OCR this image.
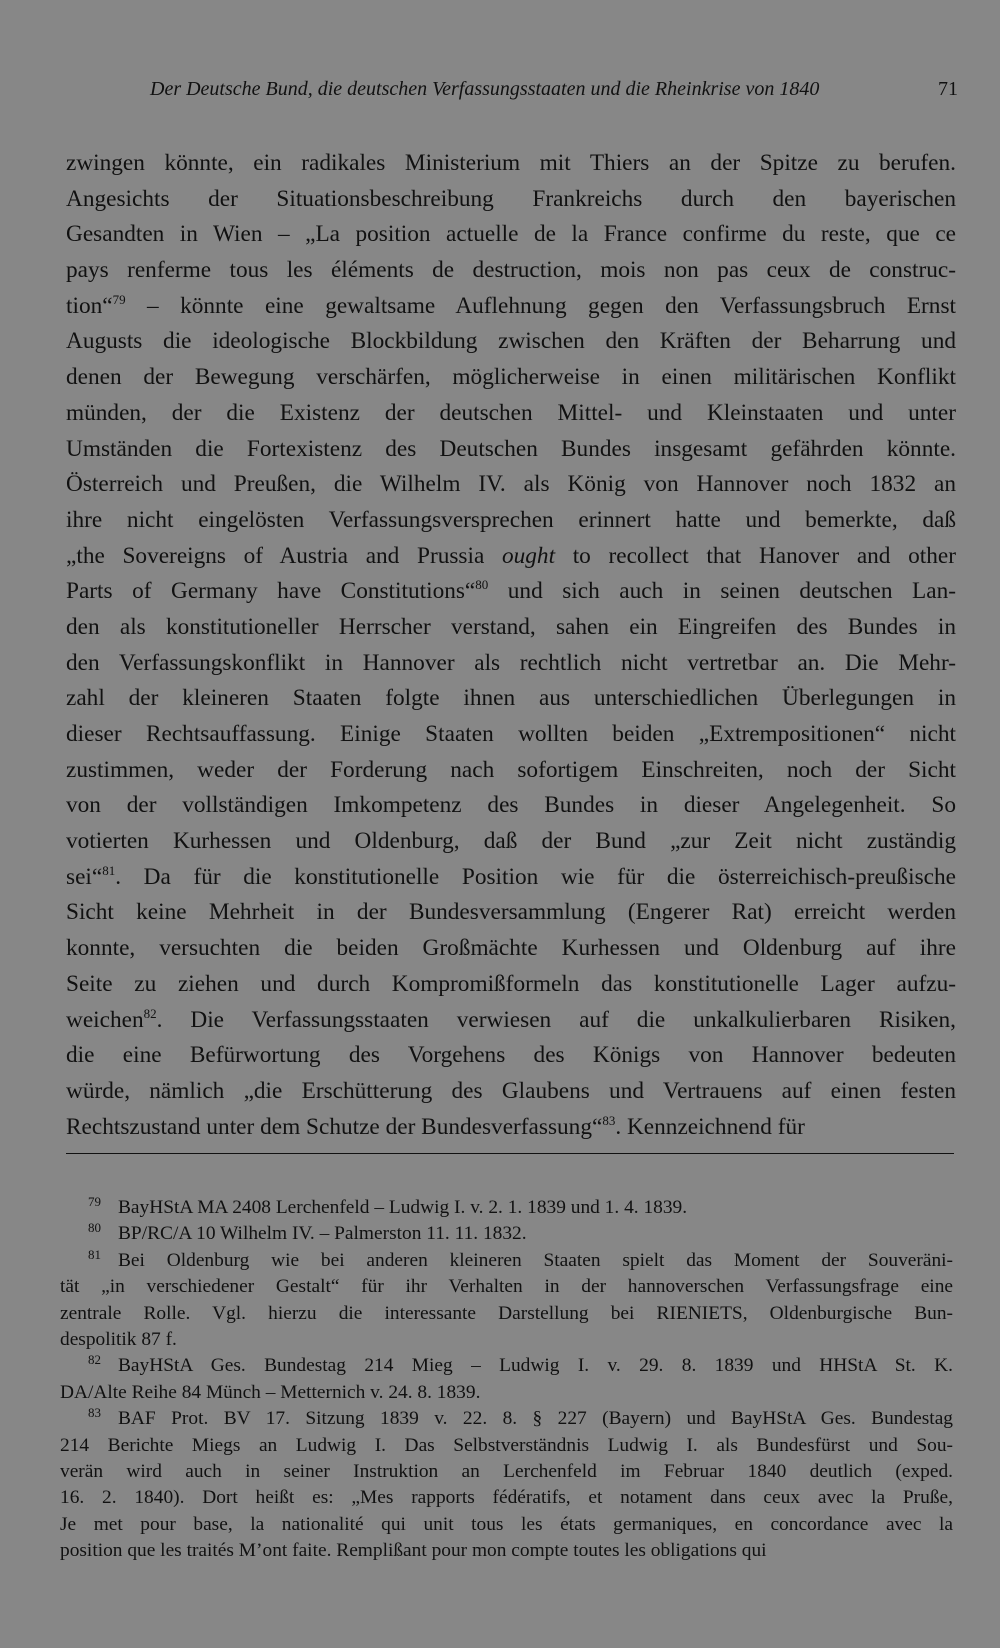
Der Deutsche Bund, die deutschen Verfassungsstaaten und die Rheinkrise von 1840	71
zwingen könnte, ein radikales Ministerium mit Thiers an der Spitze zu berufen.
Angesichts der Situationsbeschreibung Frankreichs durch den bayerischen
Gesandten in Wien – „La position actuelle de la France confirme du reste, que ce
pays renferme tous les éléments de destruction, mois non pas ceux de construc-
tion“$^{79}$ – könnte eine gewaltsame Auflehnung gegen den Verfassungsbruch Ernst
Augusts die ideologische Blockbildung zwischen den Kräften der Beharrung und
denen der Bewegung verschärfen, möglicherweise in einen militärischen Konflikt
münden, der die Existenz der deutschen Mittel- und Kleinstaaten und unter
Umständen die Fortexistenz des Deutschen Bundes insgesamt gefährden könnte.
Österreich und Preußen, die Wilhelm IV. als König von Hannover noch 1832 an
ihre nicht eingelösten Verfassungsversprechen erinnert hatte und bemerkte, daß
„the Sovereigns of Austria and Prussia ought to recollect that Hanover and other
Parts of Germany have Constitutions“$^{80}$ und sich auch in seinen deutschen Lan-
den als konstitutioneller Herrscher verstand, sahen ein Eingreifen des Bundes in
den Verfassungskonflikt in Hannover als rechtlich nicht vertretbar an. Die Mehr-
zahl der kleineren Staaten folgte ihnen aus unterschiedlichen Überlegungen in
dieser Rechtsauffassung. Einige Staaten wollten beiden „Extrempositionen“ nicht
zustimmen, weder der Forderung nach sofortigem Einschreiten, noch der Sicht
von der vollständigen Imkompetenz des Bundes in dieser Angelegenheit. So
votierten Kurhessen und Oldenburg, daß der Bund „zur Zeit nicht zuständig
sei“$^{81}$. Da für die konstitutionelle Position wie für die österreichisch-preußische
Sicht keine Mehrheit in der Bundesversammlung (Engerer Rat) erreicht werden
konnte, versuchten die beiden Großmächte Kurhessen und Oldenburg auf ihre
Seite zu ziehen und durch Kompromißformeln das konstitutionelle Lager aufzu-
weichen$^{82}$. Die Verfassungsstaaten verwiesen auf die unkalkulierbaren Risiken,
die eine Befürwortung des Vorgehens des Königs von Hannover bedeuten
würde, nämlich „die Erschütterung des Glaubens und Vertrauens auf einen festen
Rechtszustand unter dem Schutze der Bundesverfassung“$^{83}$. Kennzeichnend für
79 BayHStA MA 2408 Lerchenfeld – Ludwig I. v. 2. 1. 1839 und 1. 4. 1839.
80 BP/RC/A 10 Wilhelm IV. – Palmerston 11. 11. 1832.
81 Bei Oldenburg wie bei anderen kleineren Staaten spielt das Moment der Souveräni-
tät „in verschiedener Gestalt“ für ihr Verhalten in der hannoverschen Verfassungsfrage eine
zentrale Rolle. Vgl. hierzu die interessante Darstellung bei RIENIETS, Oldenburgische Bun-
despolitik 87 f.
82 BayHStA Ges. Bundestag 214 Mieg – Ludwig I. v. 29. 8. 1839 und HHStA St. K.
DA/Alte Reihe 84 Münch – Metternich v. 24. 8. 1839.
83 BAF Prot. BV 17. Sitzung 1839 v. 22. 8. § 227 (Bayern) und BayHStA Ges. Bundestag
214 Berichte Miegs an Ludwig I. Das Selbstverständnis Ludwig I. als Bundesfürst und Sou-
verän wird auch in seiner Instruktion an Lerchenfeld im Februar 1840 deutlich (exped.
16. 2. 1840). Dort heißt es: „Mes rapports fédératifs, et notament dans ceux avec la Pruße,
Je met pour base, la nationalité qui unit tous les états germaniques, en concordance avec la
position que les traités M’ont faite. Remplißant pour mon compte toutes les obligations qui
